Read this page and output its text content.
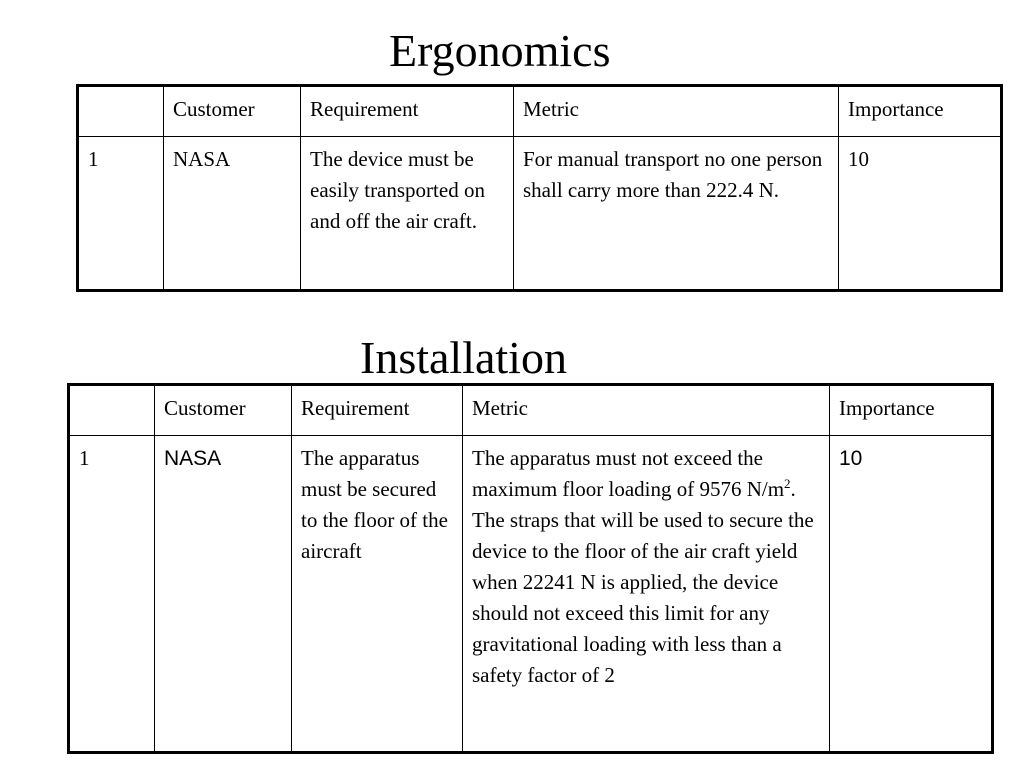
Ergonomics
	Customer	Requirement	Metric	Importance
1	NASA	The device must be easily transported on and off the air craft.	For manual transport no one person shall carry more than 222.4 N.	10
Installation
	Customer	Requirement	Metric	Importance
1	NASA	The apparatus must be secured to the floor of the aircraft	The apparatus must not exceed the maximum floor loading of 9576 $N/m^2$. The straps that will be used to secure the device to the floor of the air craft yield when 22241 N is applied, the device should not exceed this limit for any gravitational loading with less than a safety factor of 2	10
